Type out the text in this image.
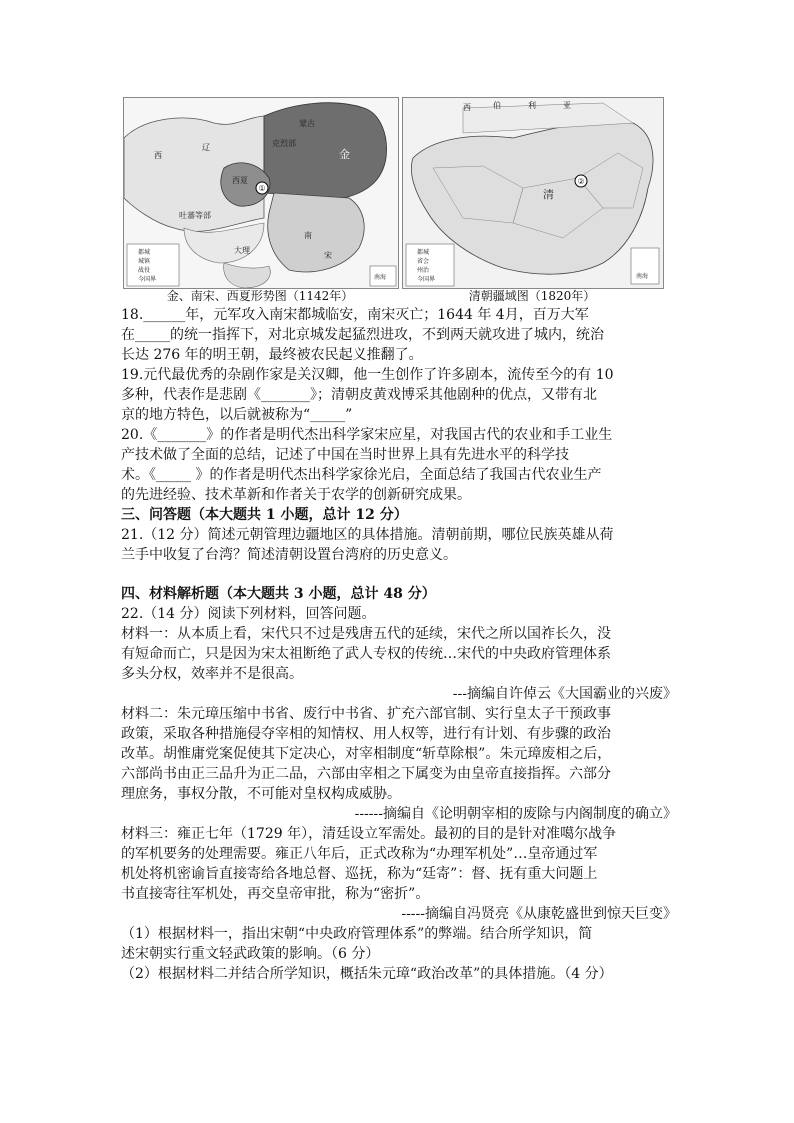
①
西
辽
蒙古
克烈部
金
西夏
吐蕃等部
大理
南
宋
南海
都城
城镇
战役
今国界
②
西	伯	利	亚
清
南海
都城
省会
州治
今国界
金、南宋、西夏形势图（1142年）	清朝疆域图（1820年）

18.______年，元军攻入南宋都城临安，南宋灭亡；1644 年 4月，百万大军

在_____的统一指挥下，对北京城发起猛烈进攻，不到两天就攻进了城内，统治

长达 276 年的明王朝，最终被农民起义推翻了。

19.元代最优秀的杂剧作家是关汉卿，他一生创作了许多剧本，流传至今的有 10

多种，代表作是悲剧《_______》；清朝皮黄戏博采其他剧种的优点，又带有北

京的地方特色，以后就被称为“_____”

20.《_______》的作者是明代杰出科学家宋应星，对我国古代的农业和手工业生

产技术做了全面的总结，记述了中国在当时世界上具有先进水平的科学技

术。《_____ 》的作者是明代杰出科学家徐光启，全面总结了我国古代农业生产

的先进经验、技术革新和作者关于农学的创新研究成果。

三、问答题（本大题共 1 小题，总计 12 分）

21.（12 分）简述元朝管理边疆地区的具体措施。清朝前期，哪位民族英雄从荷

兰手中收复了台湾？简述清朝设置台湾府的历史意义。

四、材料解析题（本大题共 3 小题，总计 48 分）

22.（14 分）阅读下列材料，回答问题。

材料一：从本质上看，宋代只不过是残唐五代的延续，宋代之所以国祚长久，没

有短命而亡，只是因为宋太祖断绝了武人专权的传统…宋代的中央政府管理体系

多头分权，效率并不是很高。

---摘编自许倬云《大国霸业的兴废》

材料二：朱元璋压缩中书省、废行中书省、扩充六部官制、实行皇太子干预政事

政策，采取各种措施侵夺宰相的知情权、用人权等，进行有计划、有步骤的政治

改革。胡惟庸党案促使其下定决心，对宰相制度“斩草除根”。朱元璋废相之后，

六部尚书由正三品升为正二品，六部由宰相之下属变为由皇帝直接指挥。六部分

理庶务，事权分散，不可能对皇权构成威胁。

------摘编自《论明朝宰相的废除与内阁制度的确立》

材料三：雍正七年（1729 年），清廷设立军需处。最初的目的是针对准噶尔战争

的军机要务的处理需要。雍正八年后，正式改称为“办理军机处”…皇帝通过军

机处将机密谕旨直接寄给各地总督、巡抚，称为“廷寄”：督、抚有重大问题上

书直接寄往军机处，再交皇帝审批，称为“密折”。

-----摘编自冯贤亮《从康乾盛世到惊天巨变》

（1）根据材料一，指出宋朝“中央政府管理体系”的弊端。结合所学知识，简

述宋朝实行重文轻武政策的影响。（6 分）

（2）根据材料二并结合所学知识，概括朱元璋“政治改革”的具体措施。（4 分）
